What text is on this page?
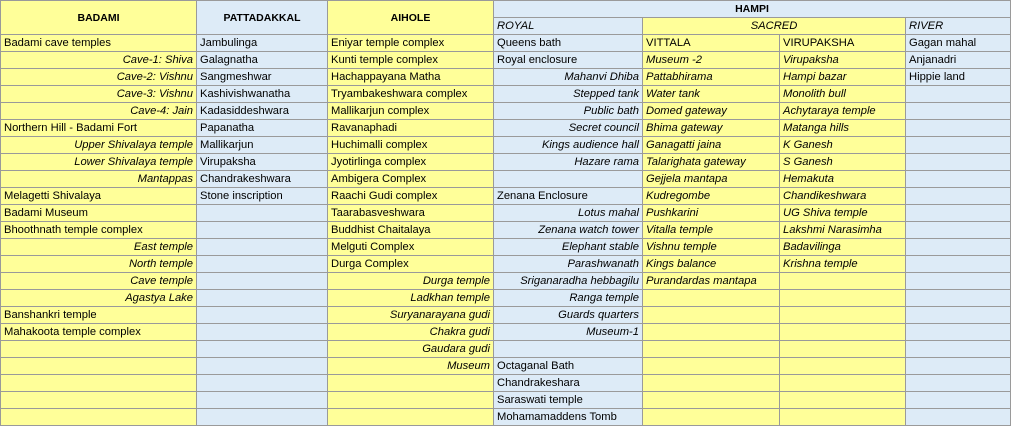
BADAMI	PATTADAKKAL	AIHOLE	HAMPI			
			ROYAL	SACRED		RIVER
Badami cave temples	Jambulinga	Eniyar temple complex	Queens bath	VITTALA	VIRUPAKSHA	Gagan mahal
Cave-1: Shiva	Galagnatha	Kunti temple complex	Royal enclosure	Museum -2	Virupaksha	Anjanadri
Cave-2: Vishnu	Sangmeshwar	Hachappayana Matha	Mahanvi Dhiba	Pattabhirama	Hampi bazar	Hippie land
Cave-3: Vishnu	Kashivishwanatha	Tryambakeshwara complex	Stepped tank	Water tank	Monolith bull	
Cave-4: Jain	Kadasiddeshwara	Mallikarjun complex	Public bath	Domed gateway	Achytaraya temple	
Northern Hill - Badami Fort	Papanatha	Ravanaphadi	Secret council	Bhima gateway	Matanga hills	
Upper Shivalaya temple	Mallikarjun	Huchimalli complex	Kings audience hall	Ganagatti jaina	K Ganesh	
Lower Shivalaya temple	Virupaksha	Jyotirlinga complex	Hazare rama	Talarighata gateway	S Ganesh	
Mantappas	Chandrakeshwara	Ambigera Complex		Gejjela mantapa	Hemakuta	
Melagetti Shivalaya	Stone inscription	Raachi Gudi complex	Zenana Enclosure	Kudregombe	Chandikeshwara	
Badami Museum		Taarabasveshwara	Lotus mahal	Pushkarini	UG Shiva temple	
Bhoothnath temple complex		Buddhist Chaitalaya	Zenana watch tower	Vitalla temple	Lakshmi Narasimha	
East temple		Melguti Complex	Elephant stable	Vishnu temple	Badavilinga	
North temple		Durga Complex	Parashwanath	Kings balance	Krishna temple	
Cave temple		Durga temple	Sriganaradha hebbagilu	Purandardas mantapa		
Agastya Lake		Ladkhan temple	Ranga temple			
Banshankri temple		Suryanarayana gudi	Guards quarters			
Mahakoota temple complex		Chakra gudi	Museum-1			
		Gaudara gudi				
		Museum	Octaganal Bath			
			Chandrakeshara			
			Saraswati temple			
			Mohamamaddens Tomb			
